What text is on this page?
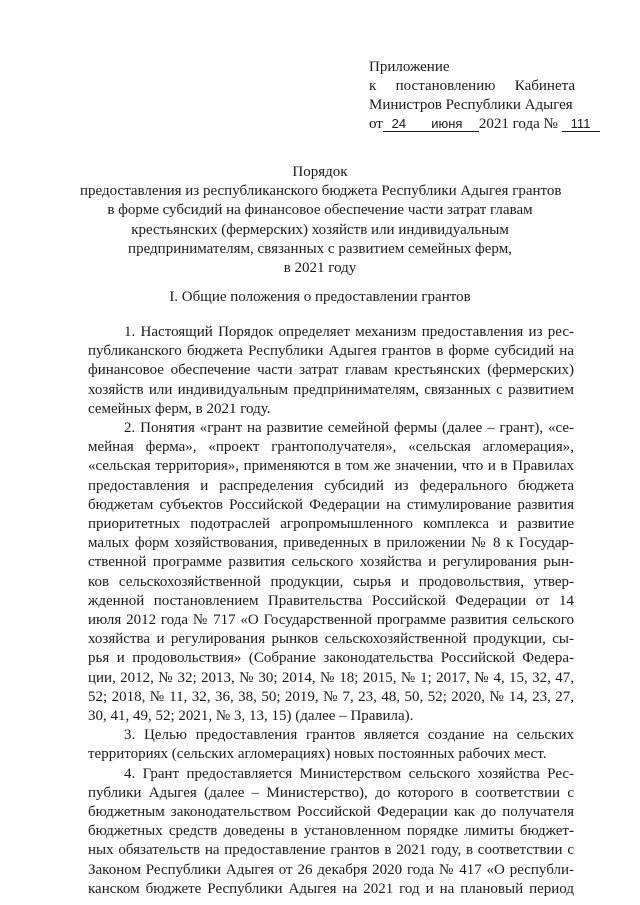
Приложение
к постановлению Кабинета
Министров Республики Адыгея
от 24 июня 2021 года № 111
Порядок
предоставления из республиканского бюджета Республики Адыгея грантов
в форме субсидий на финансовое обеспечение части затрат главам
крестьянских (фермерских) хозяйств или индивидуальным
предпринимателям, связанных с развитием семейных ферм,
в 2021 году
I. Общие положения о предоставлении грантов
1. Настоящий Порядок определяет механизм предоставления из рес-
публиканского бюджета Республики Адыгея грантов в форме субсидий на
финансовое обеспечение части затрат главам крестьянских (фермерских)
хозяйств или индивидуальным предпринимателям, связанных с развитием
семейных ферм, в 2021 году.
2. Понятия «грант на развитие семейной фермы (далее – грант), «се-
мейная ферма», «проект грантополучателя», «сельская агломерация»,
«сельская территория», применяются в том же значении, что и в Правилах
предоставления и распределения субсидий из федерального бюджета
бюджетам субъектов Российской Федерации на стимулирование развития
приоритетных подотраслей агропромышленного комплекса и развитие
малых форм хозяйствования, приведенных в приложении № 8 к Государ-
ственной программе развития сельского хозяйства и регулирования рын-
ков сельскохозяйственной продукции, сырья и продовольствия, утвер-
жденной постановлением Правительства Российской Федерации от 14
июля 2012 года № 717 «О Государственной программе развития сельского
хозяйства и регулирования рынков сельскохозяйственной продукции, сы-
рья и продовольствия» (Собрание законодательства Российской Федера-
ции, 2012, № 32; 2013, № 30; 2014, № 18; 2015, № 1; 2017, № 4, 15, 32, 47,
52; 2018, № 11, 32, 36, 38, 50; 2019, № 7, 23, 48, 50, 52; 2020, № 14, 23, 27,
30, 41, 49, 52; 2021, № 3, 13, 15) (далее – Правила).
3. Целью предоставления грантов является создание на сельских
территориях (сельских агломерациях) новых постоянных рабочих мест.
4. Грант предоставляется Министерством сельского хозяйства Рес-
публики Адыгея (далее – Министерство), до которого в соответствии с
бюджетным законодательством Российской Федерации как до получателя
бюджетных средств доведены в установленном порядке лимиты бюджет-
ных обязательств на предоставление грантов в 2021 году, в соответствии с
Законом Республики Адыгея от 26 декабря 2020 года № 417 «О республи-
канском бюджете Республики Адыгея на 2021 год и на плановый период
